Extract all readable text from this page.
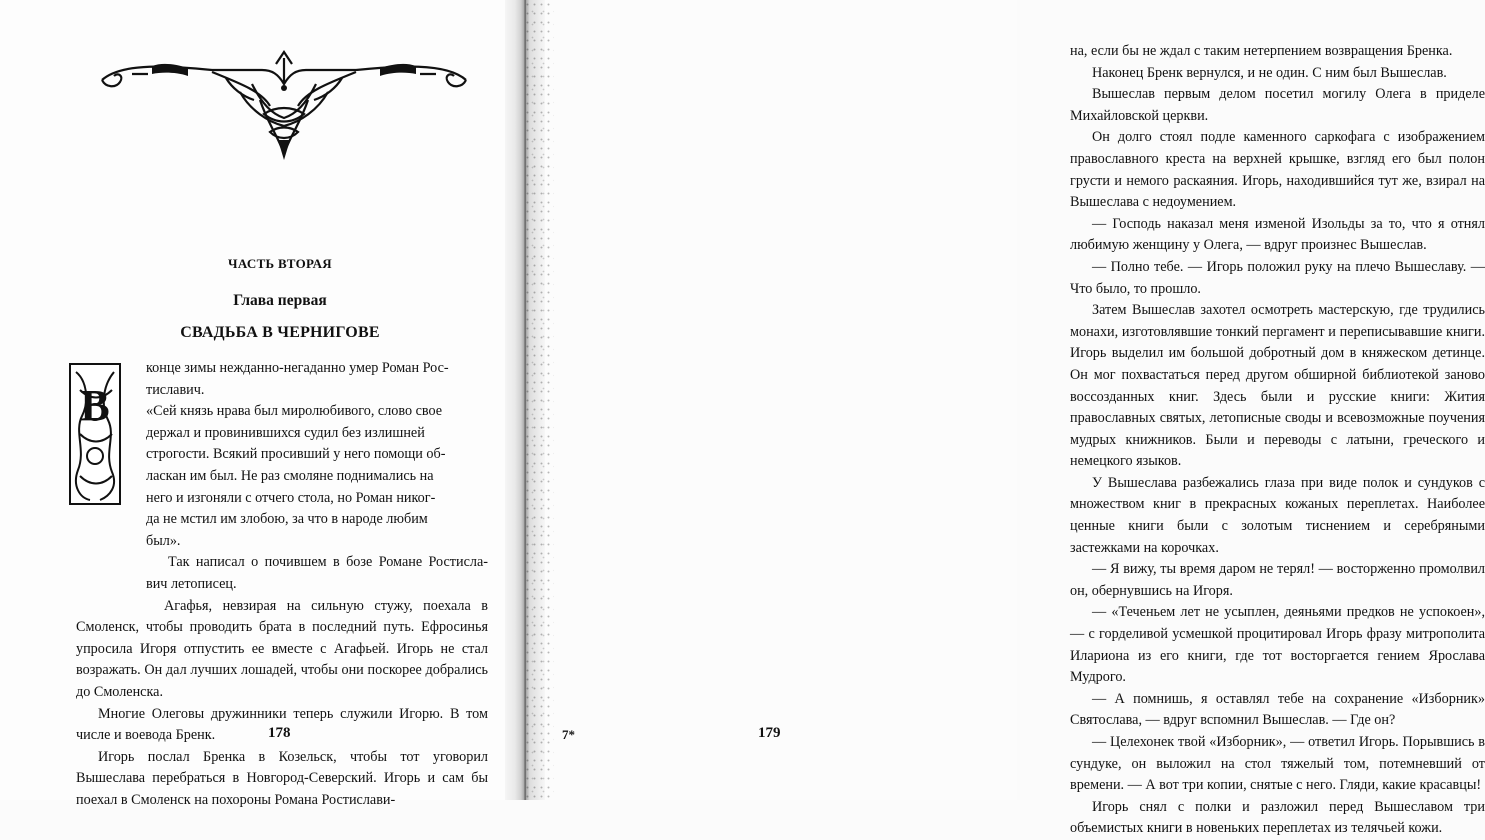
ЧАСТЬ ВТОРАЯ
Глава первая
СВАДЬБА В ЧЕРНИГОВЕ
В

конце зимы нежданно-негаданно умер Роман Рос-

тиславич.

«Сей князь нрава был миролюбивого, слово свое

держал и провинившихся судил без излишней

строгости. Всякий просивший у него помощи об-

ласкан им был. Не раз смоляне поднимались на

него и изгоняли с отчего стола, но Роман никог-

да не мстил им злобою, за что в народе любим

был».

Так написал о почившем в бозе Романе Ростисла-вич летописец.

Агафья, невзирая на сильную стужу, поехала в Смоленск, чтобы проводить брата в последний путь. Ефросинья упросила Игоря отпустить ее вместе с Агафьей. Игорь не стал возражать. Он дал лучших лошадей, чтобы они поскорее добрались до Смоленска.

Многие Олеговы дружинники теперь служили Игорю. В том числе и воевода Бренк.

Игорь послал Бренка в Козельск, чтобы тот уговорил Вышеслава перебраться в Новгород-Северский. Игорь и сам бы поехал в Смоленск на похороны Романа Ростислави-

178

на, если бы не ждал с таким нетерпением возвращения Бренка.

Наконец Бренк вернулся, и не один. С ним был Вышеслав.

Вышеслав первым делом посетил могилу Олега в приделе Михайловской церкви.

Он долго стоял подле каменного саркофага с изображением православного креста на верхней крышке, взгляд его был полон грусти и немого раскаяния. Игорь, находившийся тут же, взирал на Вышеслава с недоумением.

— Господь наказал меня изменой Изольды за то, что я отнял любимую женщину у Олега, — вдруг произнес Вышеслав.

— Полно тебе. — Игорь положил руку на плечо Вышеславу. — Что было, то прошло.

Затем Вышеслав захотел осмотреть мастерскую, где трудились монахи, изготовлявшие тонкий пергамент и переписывавшие книги. Игорь выделил им большой добротный дом в княжеском детинце. Он мог похвастаться перед другом обширной библиотекой заново воссозданных книг. Здесь были и русские книги: Жития православных святых, летописные своды и всевозможные поучения мудрых книжников. Были и переводы с латыни, греческого и немецкого языков.

У Вышеслава разбежались глаза при виде полок и сундуков с множеством книг в прекрасных кожаных переплетах. Наиболее ценные книги были с золотым тиснением и серебряными застежками на корочках.

— Я вижу, ты время даром не терял! — восторженно промолвил он, обернувшись на Игоря.

— «Теченьем лет не усыплен, деяньями предков не успокоен», — с горделивой усмешкой процитировал Игорь фразу митрополита Илариона из его книги, где тот восторгается гением Ярослава Мудрого.

— А помнишь, я оставлял тебе на сохранение «Изборник» Святослава, — вдруг вспомнил Вышеслав. — Где он?

— Целехонек твой «Изборник», — ответил Игорь. Порывшись в сундуке, он выложил на стол тяжелый том, потемневший от времени. — А вот три копии, снятые с него. Гляди, какие красавцы!

Игорь снял с полки и разложил перед Вышеславом три объемистых книги в новеньких переплетах из телячьей кожи.

7*	179
